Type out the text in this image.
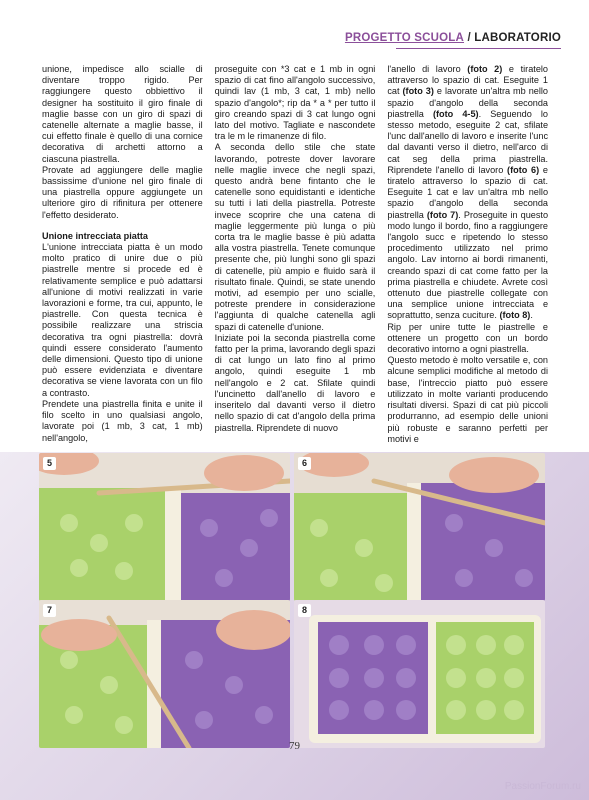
PROGETTO SCUOLA / LABORATORIO

unione, impedisce allo scialle di diventare troppo rigido. Per raggiungere questo obbiettivo il designer ha sostituito il giro finale di maglie basse con un giro di spazi di catenelle alternate a maglie basse, il cui effetto finale è quello di una cornice decorativa di archetti attorno a ciascuna piastrella.

Provate ad aggiungere delle maglie bassissime d'unione nel giro finale di una piastrella oppure aggiungete un ulteriore giro di rifinitura per ottenere l'effetto desiderato.

Unione intrecciata piatta

L'unione intrecciata piatta è un modo molto pratico di unire due o più piastrelle mentre si procede ed è relativamente semplice e può adattarsi all'unione di motivi realizzati in varie lavorazioni e forme, tra cui, appunto, le piastrelle. Con questa tecnica è possibile realizzare una striscia decorativa tra ogni piastrella: dovrà quindi essere considerato l'aumento delle dimensioni. Questo tipo di unione può essere evidenziata e diventare decorativa se viene lavorata con un filo a contrasto.

Prendete una piastrella finita e unite il filo scelto in uno qualsiasi angolo, lavorate poi (1 mb, 3 cat, 1 mb) nell'angolo,

proseguite con *3 cat e 1 mb in ogni spazio di cat fino all'angolo successivo, quindi lav (1 mb, 3 cat, 1 mb) nello spazio d'angolo*; rip da * a * per tutto il giro creando spazi di 3 cat lungo ogni lato del motivo. Tagliate e nascondete tra le m le rimanenze di filo.

A seconda dello stile che state lavorando, potreste dover lavorare nelle maglie invece che negli spazi, questo andrà bene fintanto che le catenelle sono equidistanti e identiche su tutti i lati della piastrella. Potreste invece scoprire che una catena di maglie leggermente più lunga o più corta tra le maglie basse è più adatta alla vostra piastrella. Tenete comunque presente che, più lunghi sono gli spazi di catenelle, più ampio e fluido sarà il risultato finale. Quindi, se state unendo motivi, ad esempio per uno scialle, potreste prendere in considerazione l'aggiunta di qualche catenella agli spazi di catenelle d'unione.

Iniziate poi la seconda piastrella come fatto per la prima, lavorando degli spazi di cat lungo un lato fino al primo angolo, quindi eseguite 1 mb nell'angolo e 2 cat. Sfilate quindi l'uncinetto dall'anello di lavoro e inseritelo dal davanti verso il dietro nello spazio di cat d'angolo della prima piastrella. Riprendete di nuovo

l'anello di lavoro (foto 2) e tiratelo attraverso lo spazio di cat. Eseguite 1 cat (foto 3) e lavorate un'altra mb nello spazio d'angolo della seconda piastrella (foto 4-5). Seguendo lo stesso metodo, eseguite 2 cat, sfilate l'unc dall'anello di lavoro e inserite l'unc dal davanti verso il dietro, nell'arco di cat seg della prima piastrella. Riprendete l'anello di lavoro (foto 6) e tiratelo attraverso lo spazio di cat. Eseguite 1 cat e lav un'altra mb nello spazio d'angolo della seconda piastrella (foto 7). Proseguite in questo modo lungo il bordo, fino a raggiungere l'angolo succ e ripetendo lo stesso procedimento utilizzato nel primo angolo. Lav intorno ai bordi rimanenti, creando spazi di cat come fatto per la prima piastrella e chiudete. Avrete così ottenuto due piastrelle collegate con una semplice unione intrecciata e soprattutto, senza cuciture. (foto 8).

Rip per unire tutte le piastrelle e ottenere un progetto con un bordo decorativo intorno a ogni piastrella.

Questo metodo è molto versatile e, con alcune semplici modifiche al metodo di base, l'intreccio piatto può essere utilizzato in molte varianti producendo risultati diversi. Spazi di cat più piccoli produrranno, ad esempio delle unioni più robuste e saranno perfetti per motivi e

5	6
7	8
79
PassionForum.ru
